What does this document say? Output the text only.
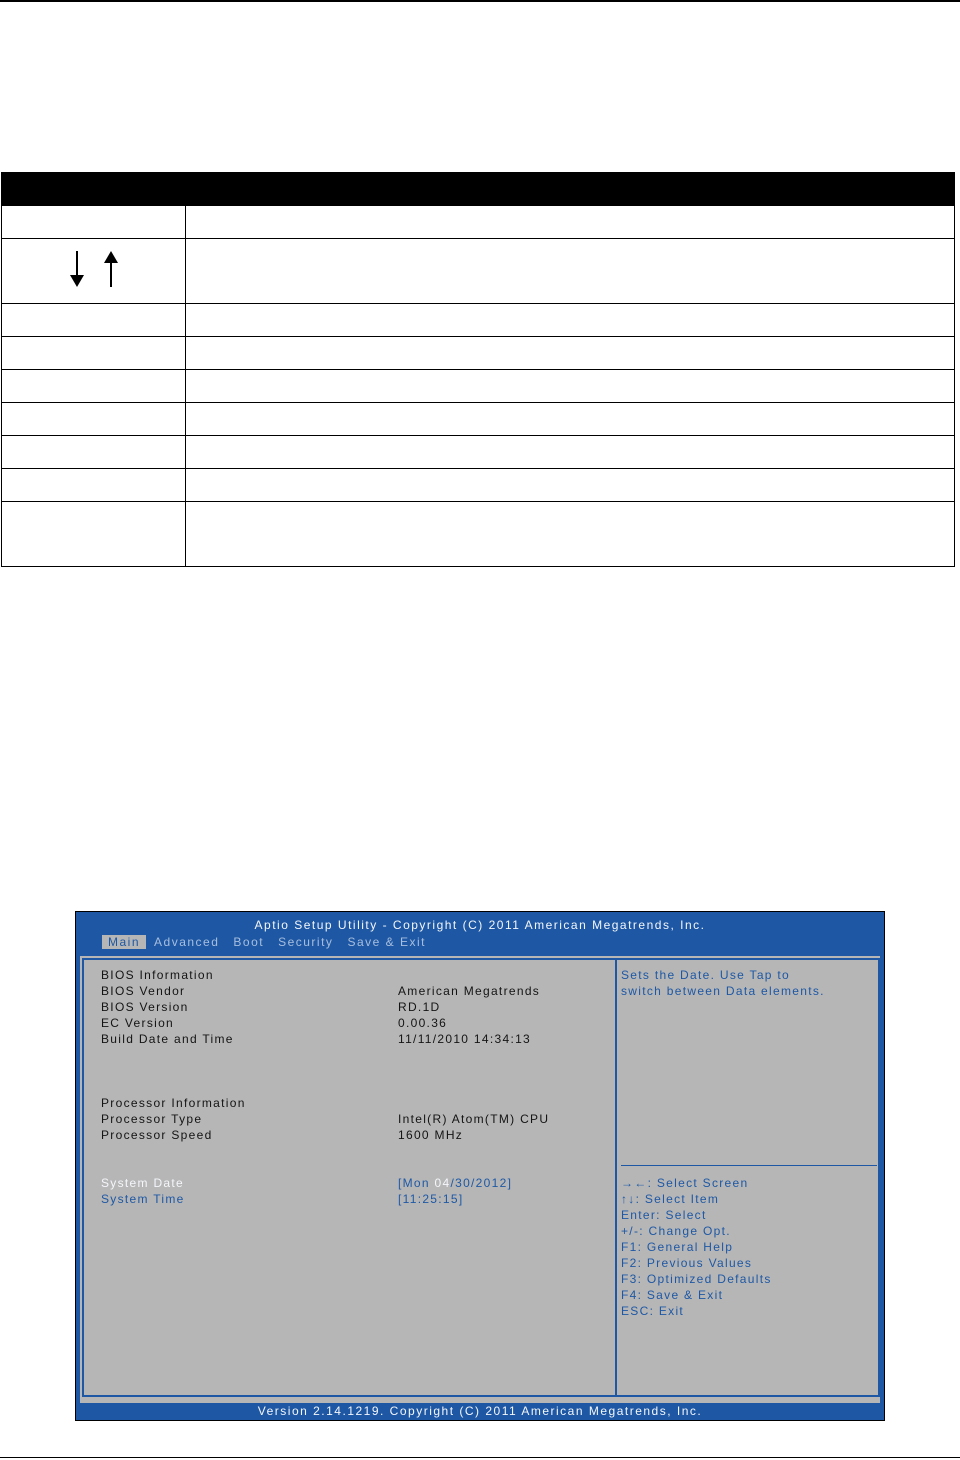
Aptio Setup Utility - Copyright (C) 2011 American Megatrends, Inc.
Main	Advanced	Boot	Security	Save & Exit
BIOS Information
BIOS Vendor	American Megatrends
BIOS Version	RD.1D
EC Version	0.00.36
Build Date and Time	11/11/2010 14:34:13
Processor Information
Processor Type	Intel(R) Atom(TM) CPU
Processor Speed	1600 MHz
System Date	[Mon 04/30/2012]
System Time	[11:25:15]
Sets the Date. Use Tap to
switch between Data elements.
→←: Select Screen
↑↓: Select Item
Enter: Select
+/-: Change Opt.
F1: General Help
F2: Previous Values
F3: Optimized Defaults
F4: Save & Exit
ESC: Exit
Version 2.14.1219. Copyright (C) 2011 American Megatrends, Inc.
